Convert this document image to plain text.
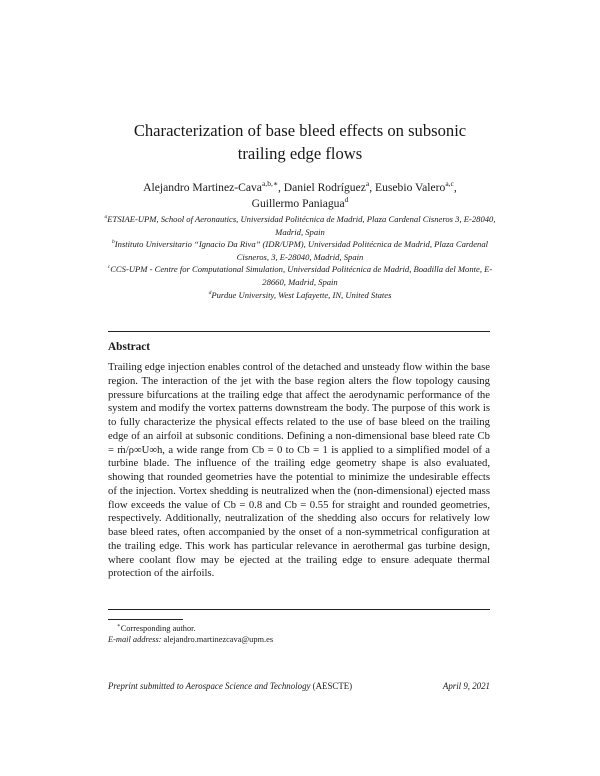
Characterization of base bleed effects on subsonic
trailing edge flows
Alejandro Martinez-Cava$^{a,b,∗}$, Daniel Rodríguez$^a$, Eusebio Valero$^{a,c}$, Guillermo Paniagua$^d$
$^a$ETSIAE-UPM, School of Aeronautics, Universidad Politécnica de Madrid, Plaza Cardenal Cisneros 3, E-28040, Madrid, Spain
$^b$Instituto Universitario “Ignacio Da Riva” (IDR/UPM), Universidad Politécnica de Madrid, Plaza Cardenal Cisneros, 3, E-28040, Madrid, Spain
$^c$CCS-UPM - Centre for Computational Simulation, Universidad Politécnica de Madrid, Boadilla del Monte, E-28660, Madrid, Spain
$^d$Purdue University, West Lafayette, IN, United States
Abstract
Trailing edge injection enables control of the detached and unsteady flow within the base region. The interaction of the jet with the base region alters the flow topology causing pressure bifurcations at the trailing edge that affect the aerodynamic performance of the system and modify the vortex patterns downstream the body. The purpose of this work is to fully characterize the physical effects related to the use of base bleed on the trailing edge of an airfoil at subsonic conditions. Defining a non-dimensional base bleed rate Cb = ṁ/ρ∞U∞h, a wide range from Cb = 0 to Cb = 1 is applied to a simplified model of a turbine blade. The influence of the trailing edge geometry shape is also evaluated, showing that rounded geometries have the potential to minimize the undesirable effects of the injection. Vortex shedding is neutralized when the (non-dimensional) ejected mass flow exceeds the value of Cb = 0.8 and Cb = 0.55 for straight and rounded geometries, respectively. Additionally, neutralization of the shedding also occurs for relatively low base bleed rates, often accompanied by the onset of a non-symmetrical configuration at the trailing edge. This work has particular relevance in aerothermal gas turbine design, where coolant flow may be ejected at the trailing edge to ensure adequate thermal protection of the airfoils.
∗Corresponding author.
E-mail address: alejandro.martinezcava@upm.es
Preprint submitted to Aerospace Science and Technology (AESCTE)	April 9, 2021
